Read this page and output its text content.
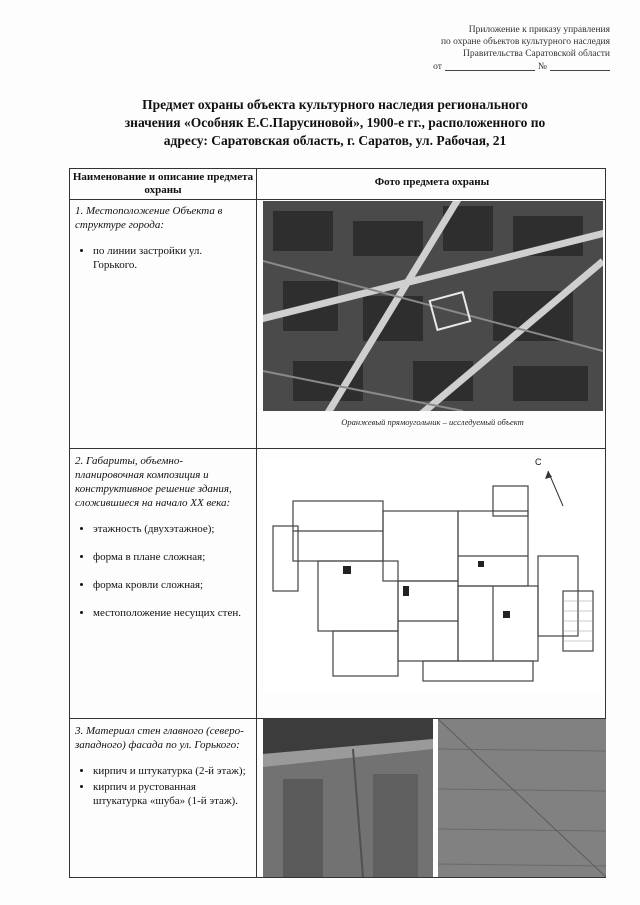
Приложение к приказу управления
по охране объектов культурного наследия
Правительства Саратовской области
от	№
Предмет охраны объекта культурного наследия регионального
значения «Особняк Е.С.Парусиновой», 1900-е гг., расположенного по
адресу: Саратовская область, г. Саратов, ул. Рабочая, 21
Наименование и описание предмета охраны
Фото предмета охраны
1. Местоположение Объекта в структуре города:
• по линии застройки ул. Горького.
Оранжевый прямоугольник – исследуемый объект
2. Габариты, объемно-планировочная композиция и конструктивное решение здания, сложившиеся на начало XX века:
• этажность (двухэтажное);
• форма в плане сложная;
• форма кровли сложная;
• местоположение несущих стен.
С
3. Материал стен главного (северо-западного) фасада по ул. Горького:
• кирпич и штукатурка (2-й этаж);
• кирпич и рустованная штукатурка «шуба» (1-й этаж).
